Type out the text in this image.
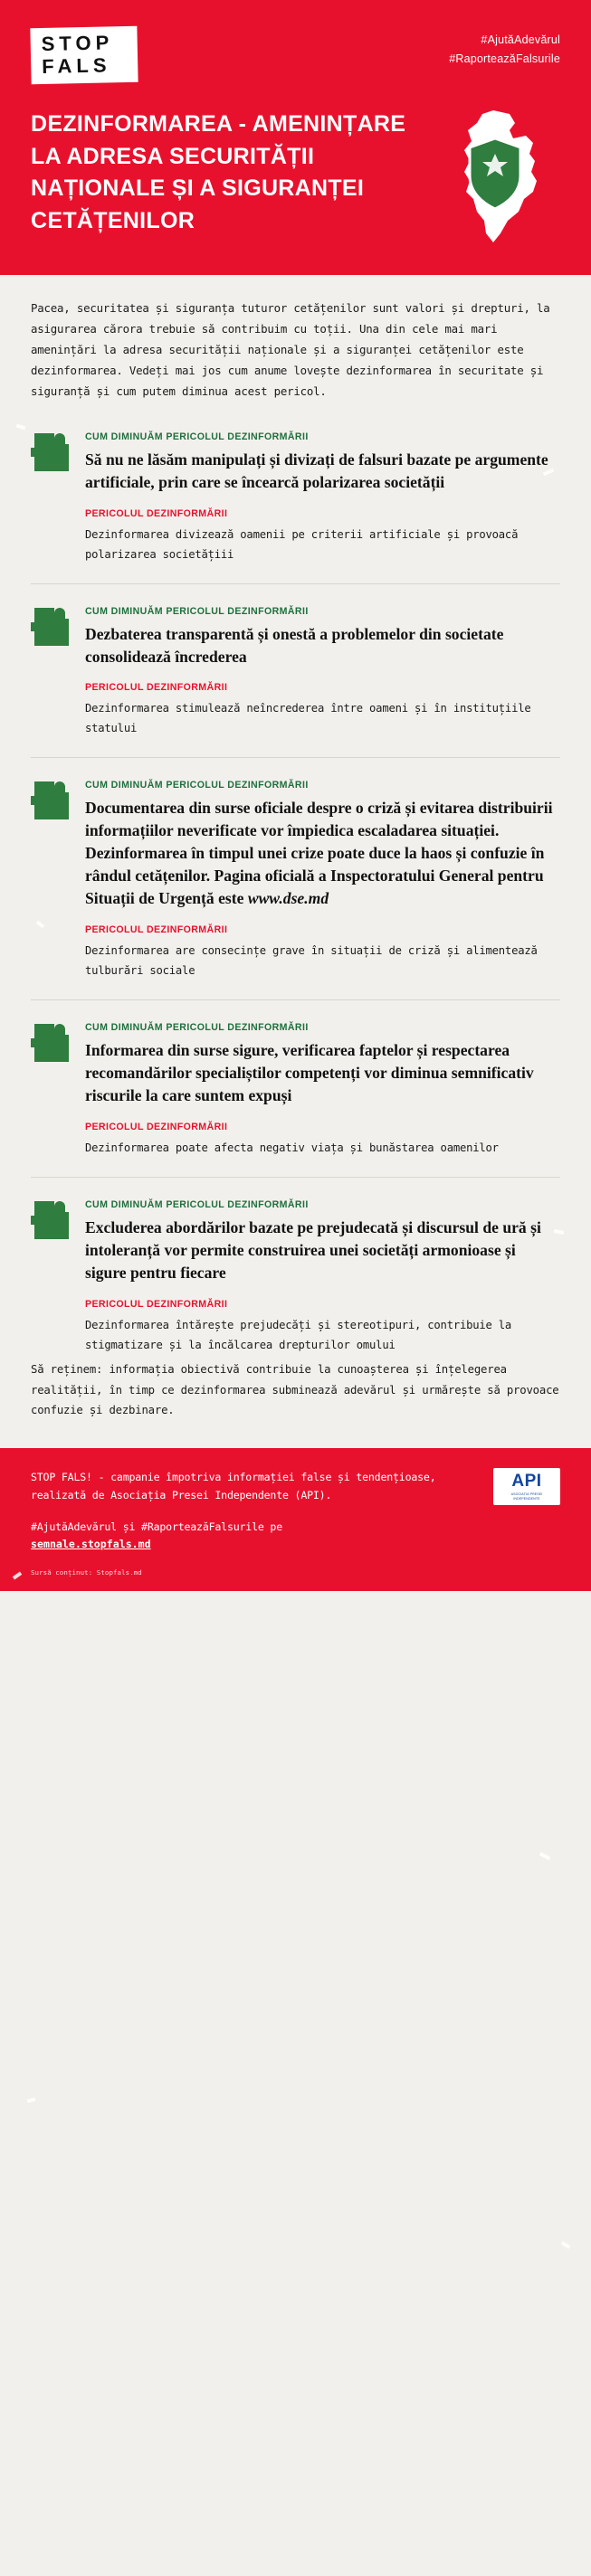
STOP
FALS
#AjutăAdevărul
#RaporteazăFalsurile
DEZINFORMAREA - AMENINȚARE LA ADRESA SECURITĂȚII NAȚIONALE ȘI A SIGURANȚEI CETĂȚENILOR

Pacea, securitatea și siguranța tuturor cetățenilor sunt valori și drepturi, la asigurarea cărora trebuie să contribuim cu toții. Una din cele mai mari amenințări la adresa securității naționale și a siguranței cetățenilor este dezinformarea. Vedeți mai jos cum anume lovește dezinformarea în securitate și siguranță și cum putem diminua acest pericol.

CUM DIMINUĂM PERICOLUL DEZINFORMĂRII
Să nu ne lăsăm manipulați și divizați de falsuri bazate pe argumente artificiale, prin care se încearcă polarizarea societății
PERICOLUL DEZINFORMĂRII
Dezinformarea divizează oamenii pe criterii artificiale și provoacă polarizarea societățiii
CUM DIMINUĂM PERICOLUL DEZINFORMĂRII
Dezbaterea transparentă și onestă a problemelor din societate consolidează încrederea
PERICOLUL DEZINFORMĂRII
Dezinformarea stimulează neîncrederea între oameni și în instituțiile statului
CUM DIMINUĂM PERICOLUL DEZINFORMĂRII
Documentarea din surse oficiale despre o criză și evitarea distribuirii informațiilor neverificate vor împiedica escaladarea situației. Dezinformarea în timpul unei crize poate duce la haos și confuzie în rândul cetățenilor. Pagina oficială a Inspectoratului General pentru Situații de Urgență este www.dse.md
PERICOLUL DEZINFORMĂRII
Dezinformarea are consecințe grave în situații de criză și alimentează tulburări sociale
CUM DIMINUĂM PERICOLUL DEZINFORMĂRII
Informarea din surse sigure, verificarea faptelor și respectarea recomandărilor specialiștilor competenți vor diminua semnificativ riscurile la care suntem expuși
PERICOLUL DEZINFORMĂRII
Dezinformarea poate afecta negativ viața și bunăstarea oamenilor
CUM DIMINUĂM PERICOLUL DEZINFORMĂRII
Excluderea abordărilor bazate pe prejudecată și discursul de ură și intoleranță vor permite construirea unei societăți armonioase și sigure pentru fiecare
PERICOLUL DEZINFORMĂRII
Dezinformarea întărește prejudecăți și stereotipuri, contribuie la stigmatizare și la încălcarea drepturilor omului

Să reținem: informația obiectivă contribuie la cunoașterea și înțelegerea realității, în timp ce dezinformarea subminează adevărul și urmărește să provoace confuzie și dezbinare.

STOP FALS! - campanie împotriva informației false și tendențioase, realizată de Asociația Presei Independente (API).
API
ASOCIAȚIA PRESEI INDEPENDENTE
#AjutăAdevărul și #RaporteazăFalsurile pe
semnale.stopfals.md
Sursă conținut: Stopfals.md
